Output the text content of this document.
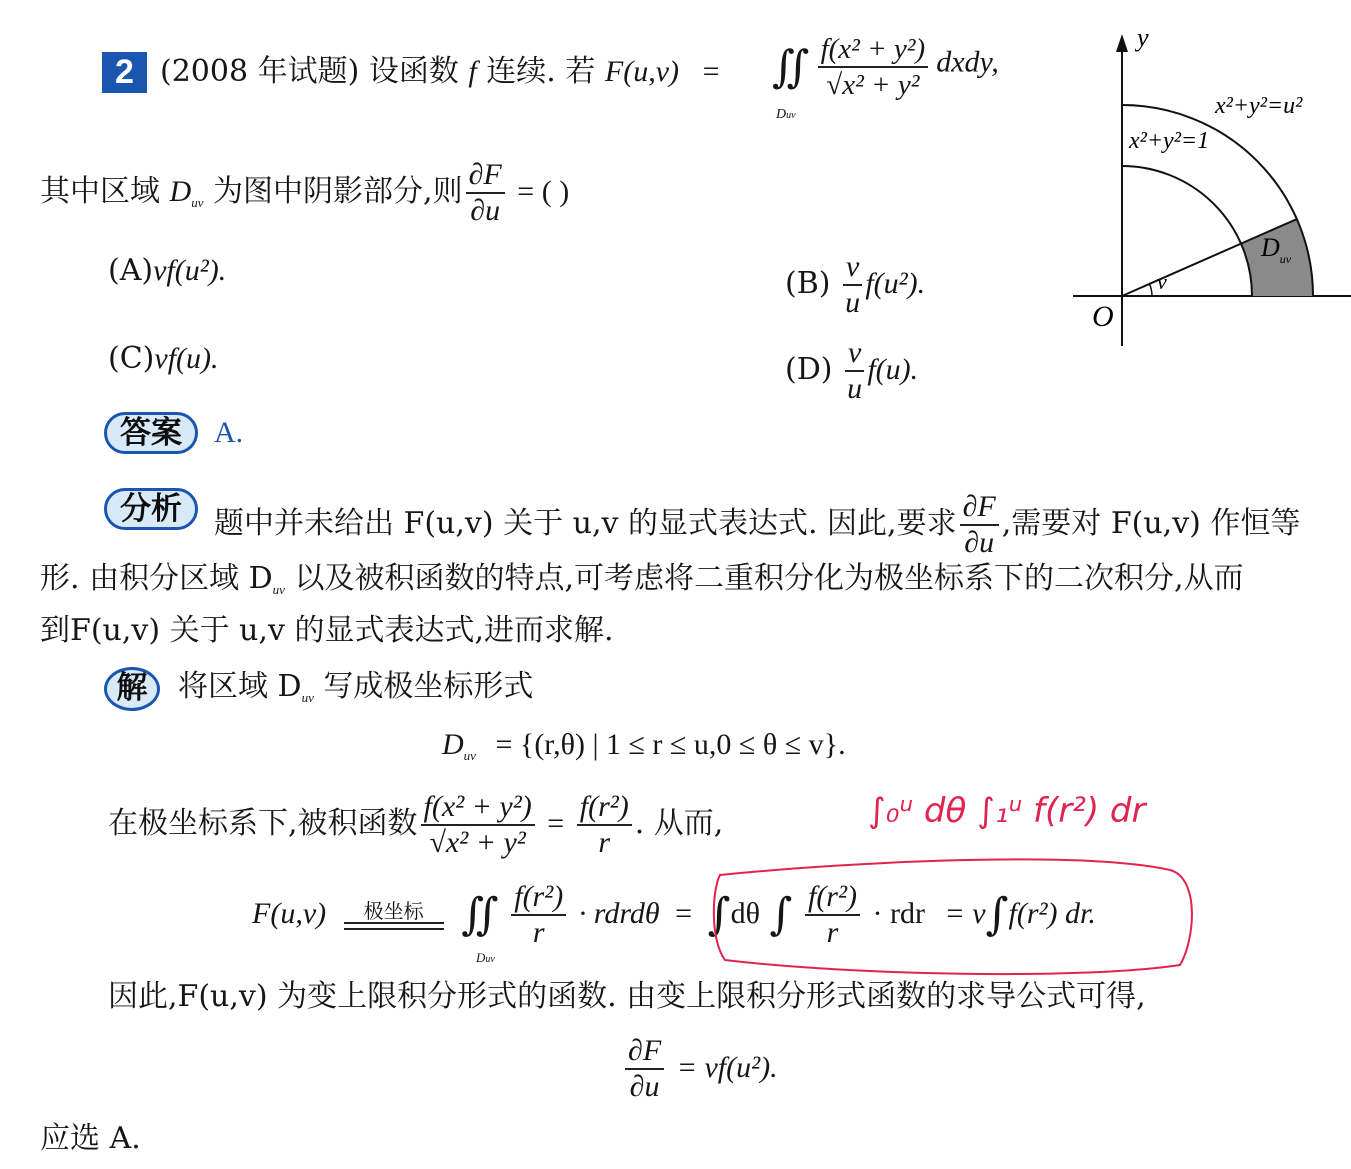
2 (2008 年试题) 设函数 f 连续. 若 F(u,v) =	∬ $\frac{\text{f(x² + y²)}}{\text{√x² + y²}}$ dxdy,
Duv
其中区域 $D_{uv}$ 为图中阴影部分,则 $\frac{\partial F}{\partial u}$ = ( )
(A)vf(u²).	$(B) \frac{v}{u} f(u^2)$.
(C)vf(u).	$(D) \frac{v}{u} f(u)$.
答案	A.
分析	题中并未给出 F(u,v) 关于 u,v 的显式表达式. 因此,要求 $\frac{\partial F}{\partial u}$ ,需要对 F(u,v) 作恒等
形. 由积分区域 $D_{uv}$ 以及被积函数的特点,可考虑将二重积分化为极坐标系下的二次积分,从而
到F(u,v) 关于 u,v 的显式表达式,进而求解.
解	将区域 $D_{uv}$ 写成极坐标形式
$D_{uv} = \{(r,\theta)$ | 1 ≤ r ≤ u,0 ≤ θ ≤ v}.
在极坐标系下,被积函数 $\frac{\text{f(x² + y²)}}{\text{√x² + y²}} = \frac{\text{f(r²)}}{r}$ . 从而,
F(u,v)	极坐标 ∬ $\frac{\text{f(r²)}}{r}$ · rdrdθ = ∫dθ ∫ $\frac{\text{f(r²)}}{r}$ · rdr = v∫f(r²) dr.
Duv
因此,F(u,v) 为变上限积分形式的函数. 由变上限积分形式函数的求导公式可得,
$\frac{\partial F}{\partial u} = vf(u^2)$.
应选 A.
∫₀ᵘ dθ ∫₁ᵘ f(r²) dr
y
O
x²+y²=u²
x²+y²=1
v
$D_{uv}$
